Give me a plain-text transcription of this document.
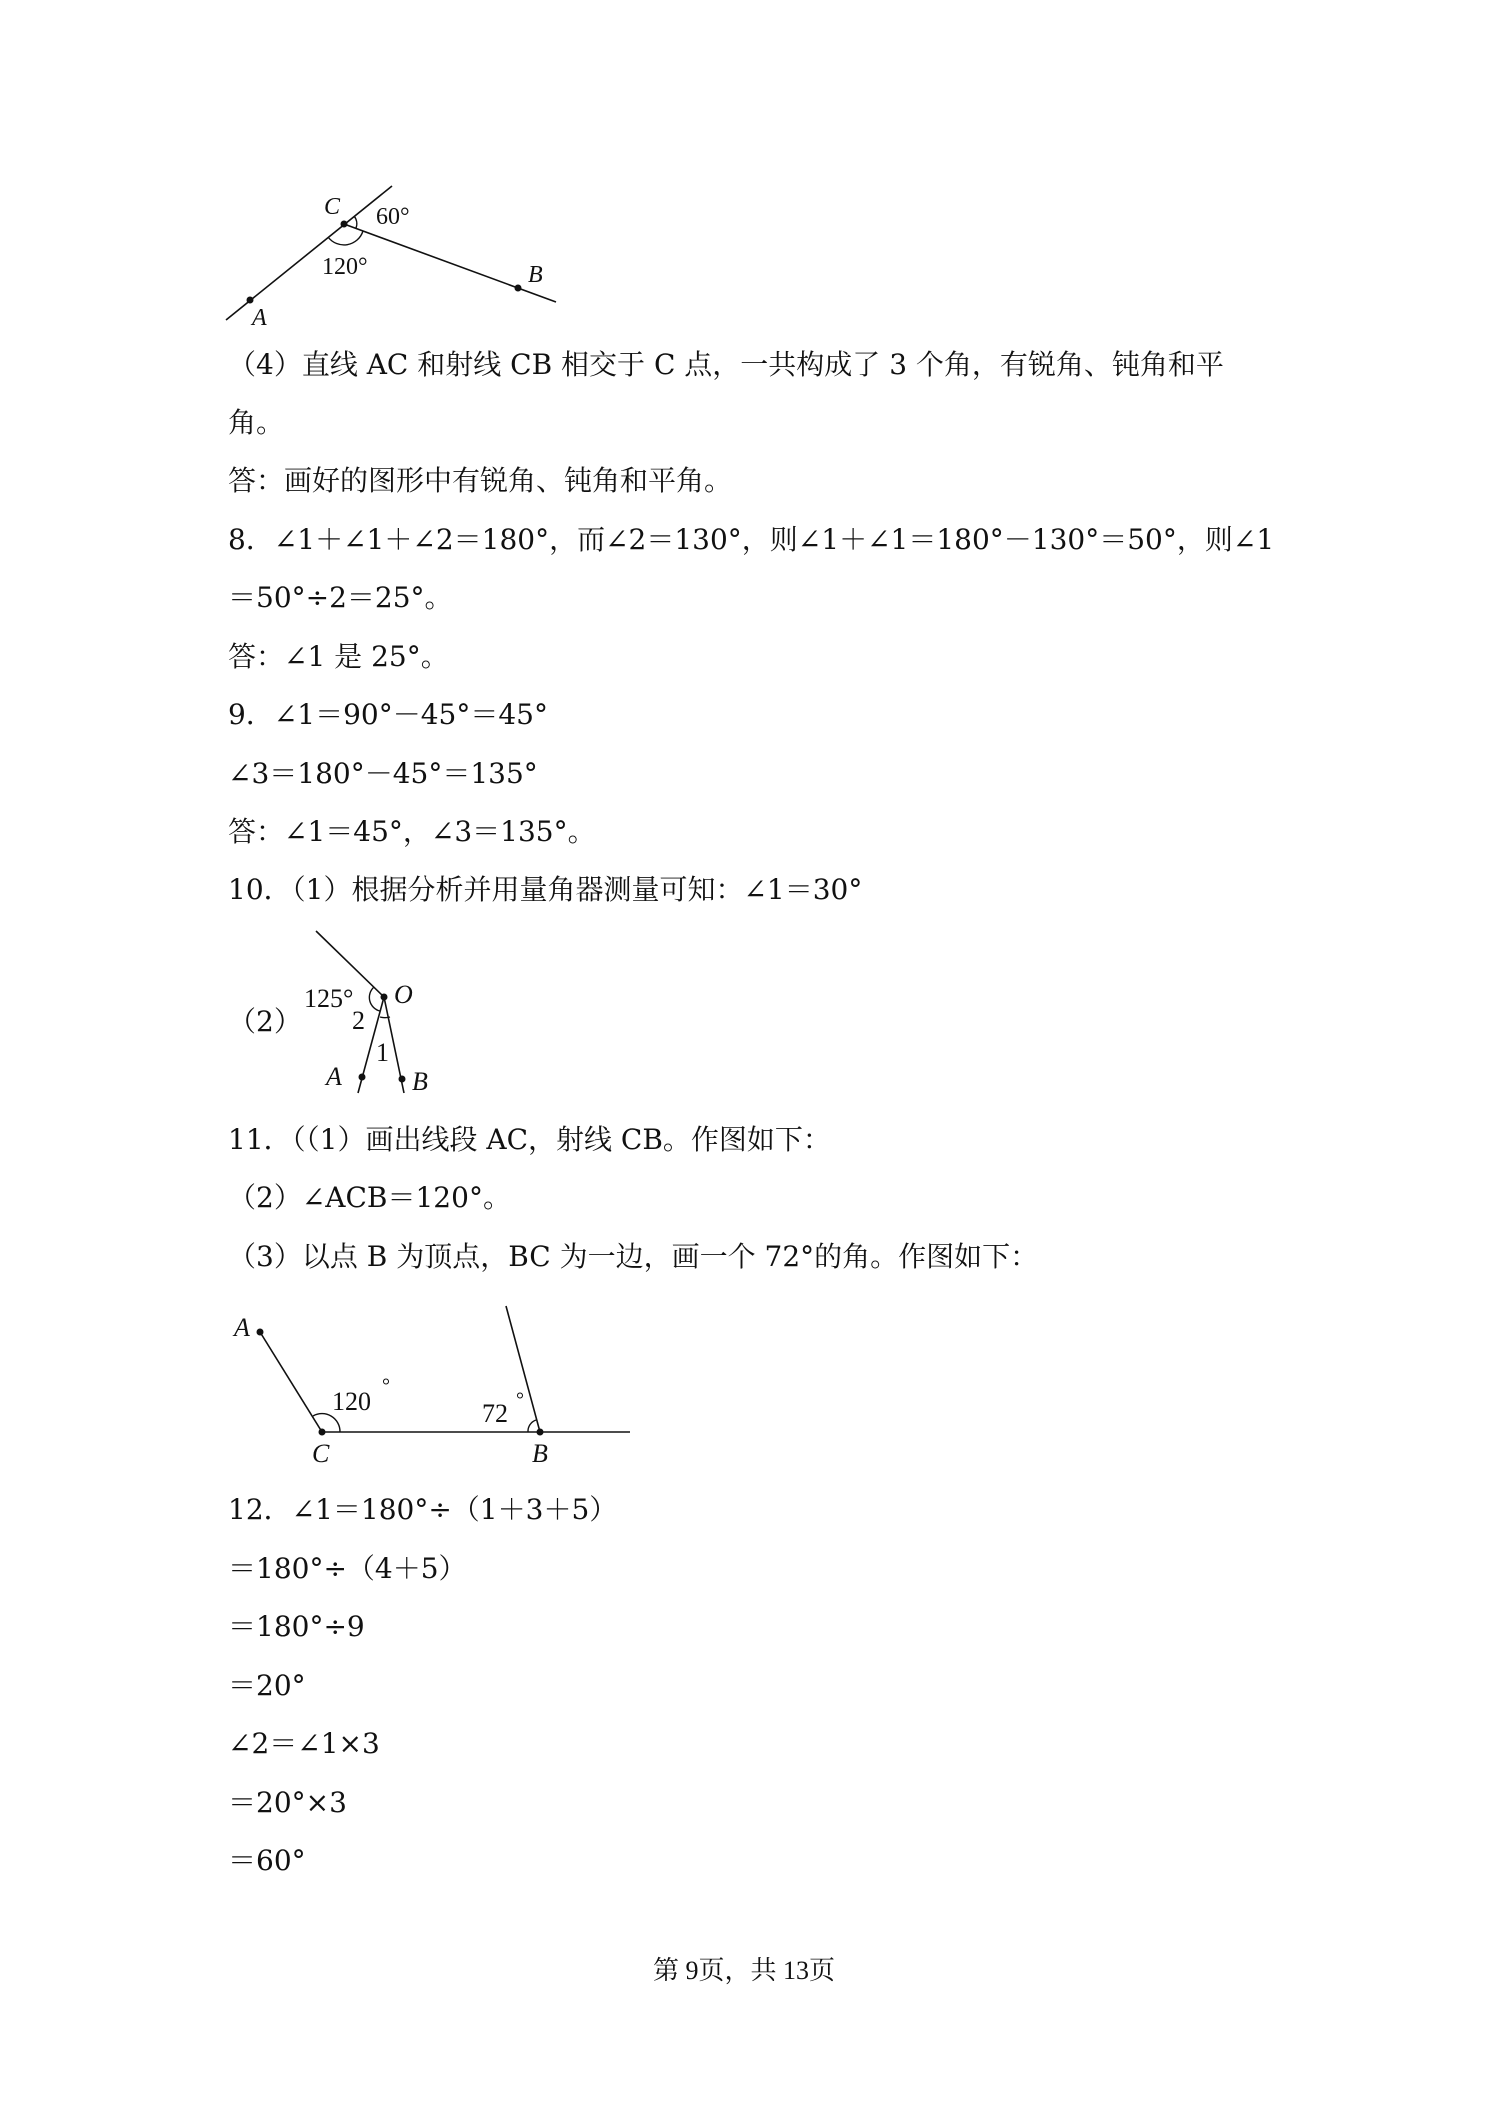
C 60°
120°	B
A
（4）直线 AC 和射线 CB 相交于 C 点，一共构成了 3 个角，有锐角、钝角和平
角。
答：画好的图形中有锐角、钝角和平角。
8．∠1＋∠1＋∠2＝180°，而∠2＝130°，则∠1＋∠1＝180°－130°＝50°，则∠1
＝50°÷2＝25°。
答：∠1 是 25°。
9．∠1＝90°－45°＝45°
∠3＝180°－45°＝135°
答：∠1＝45°，∠3＝135°。
10．（1）根据分析并用量角器测量可知：∠1＝30°
（2）
125° O
2
1
A	B
11．（（1）画出线段 AC，射线 CB。作图如下：
（2）∠ACB＝120°。
（3）以点 B 为顶点，BC 为一边，画一个 72°的角。作图如下：
A
120
°
72 °
C	B
12．∠1＝180°÷（1＋3＋5）
＝180°÷（4＋5）
＝180°÷9
＝20°
∠2＝∠1×3
＝20°×3
＝60°
第 9页，共 13页
